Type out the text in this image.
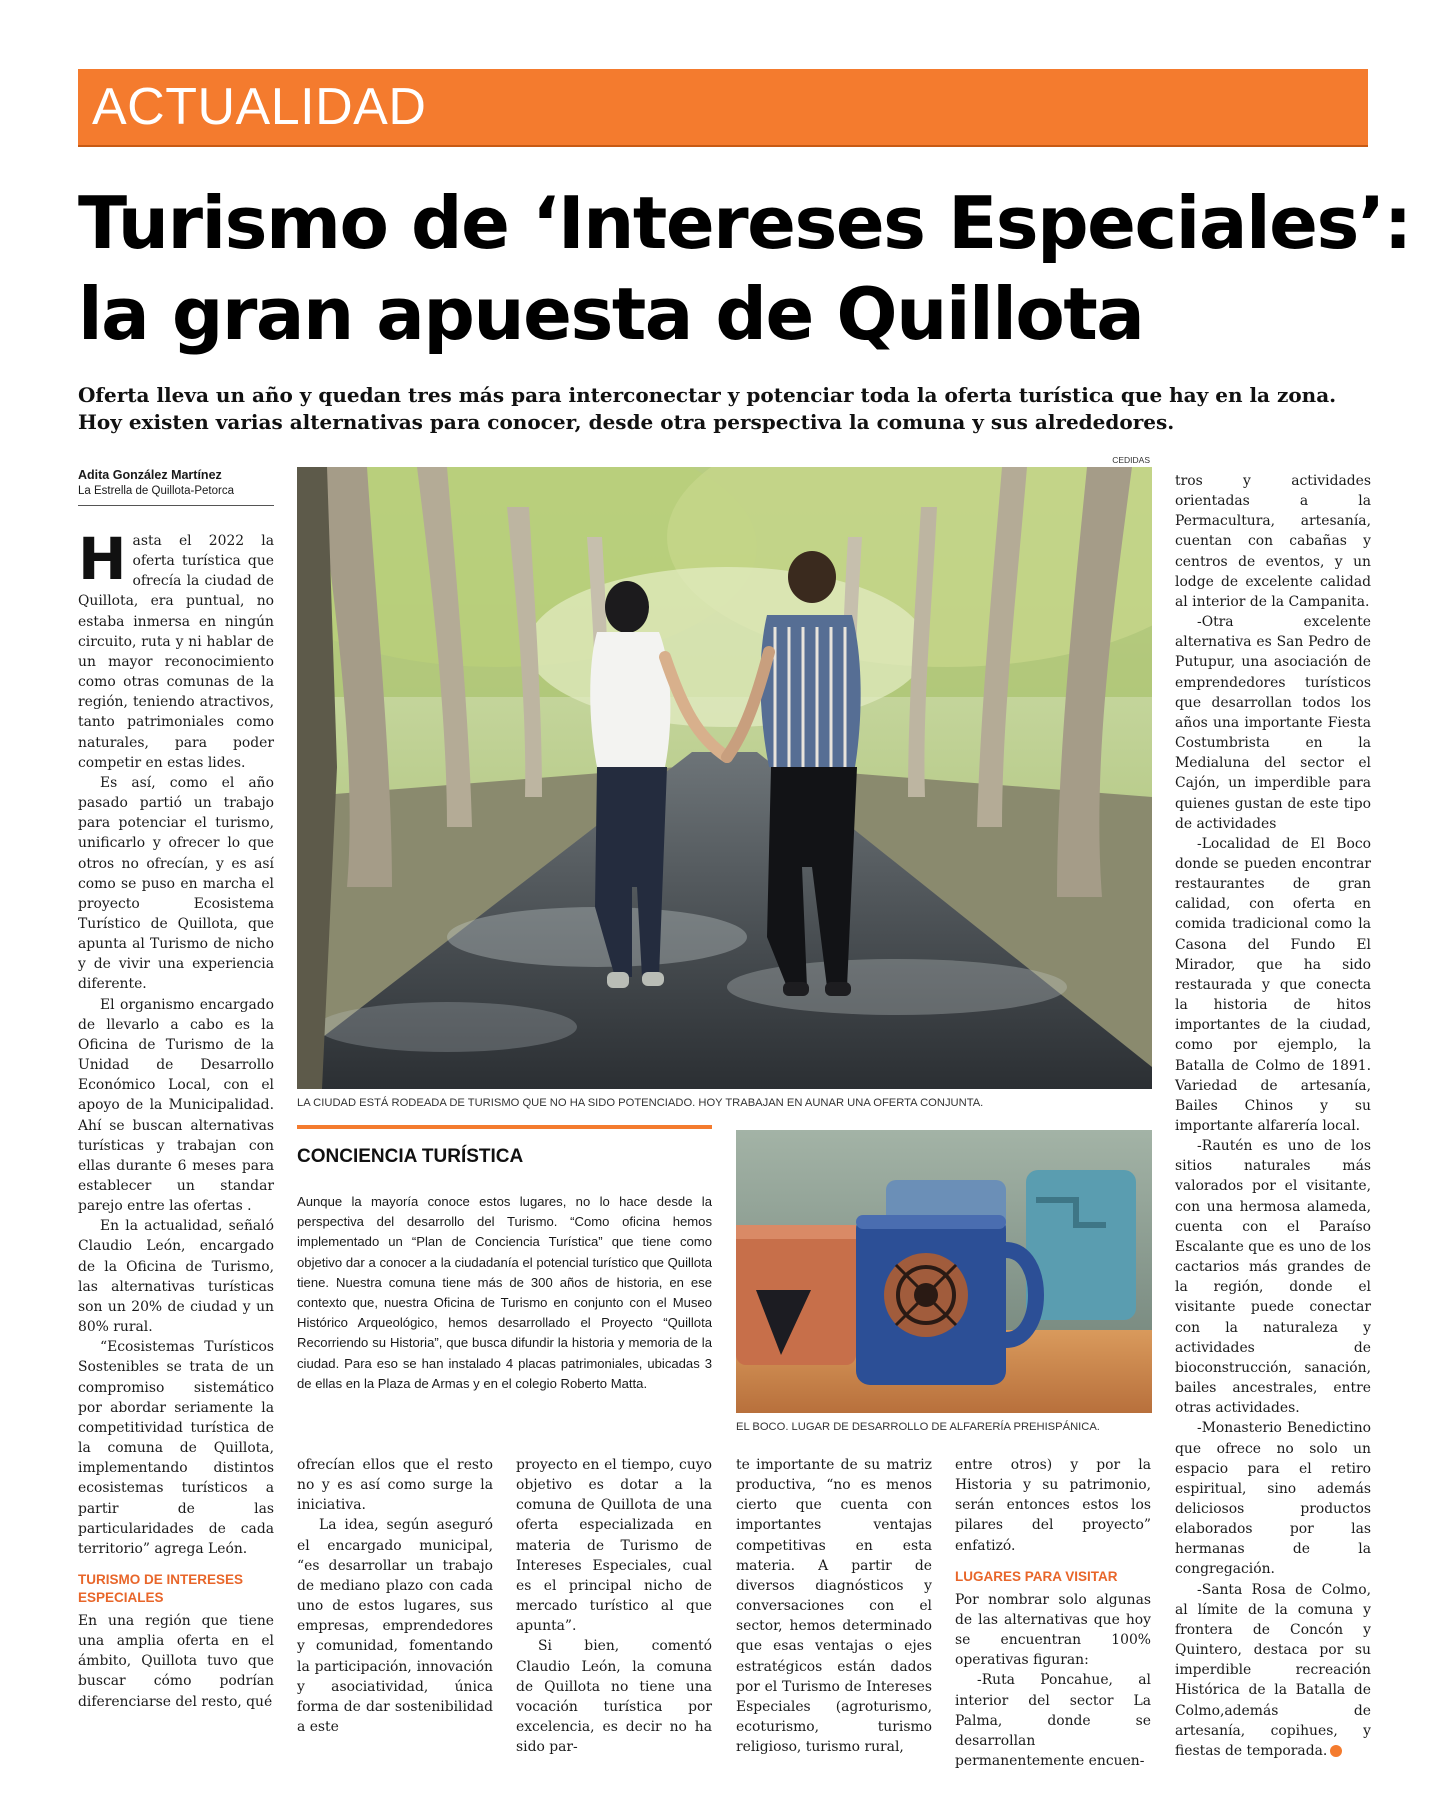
ACTUALIDAD
Turismo de ‘Intereses Especiales’:
la gran apuesta de Quillota
Oferta lleva un año y quedan tres más para interconectar y potenciar toda la oferta turística que hay en la zona.
Hoy existen varias alternativas para conocer, desde otra perspectiva la comuna y sus alrededores.
Adita González Martínez
La Estrella de Quillota-Petorca
CEDIDAS
LA CIUDAD ESTÁ RODEADA DE TURISMO QUE NO HA SIDO POTENCIADO. HOY TRABAJAN EN AUNAR UNA OFERTA CONJUNTA.
CONCIENCIA TURÍSTICA
Aunque la mayoría conoce estos lugares, no lo hace desde la perspectiva del desarrollo del Turismo. “Como oficina hemos implementado un “Plan de Conciencia Turística” que tiene como objetivo dar a conocer a la ciudadanía el potencial turístico que Quillota tiene. Nuestra comuna tiene más de 300 años de historia, en ese contexto que, nuestra Oficina de Turismo en conjunto con el Museo Histórico Arqueológico, hemos desarrollado el Proyecto “Quillota Recorriendo su Historia”, que busca difundir la historia y memoria de la ciudad. Para eso se han instalado 4 placas patrimoniales, ubicadas 3 de ellas en la Plaza de Armas y en el colegio Roberto Matta.
EL BOCO. LUGAR DE DESARROLLO DE ALFARERÍA PREHISPÁNICA.

Hasta el 2022 la oferta turística que ofrecía la ciudad de Quillota, era puntual, no estaba inmersa en ningún circuito, ruta y ni hablar de un mayor reconocimiento como otras comunas de la región, teniendo atractivos, tanto patrimoniales como naturales, para poder competir en estas lides.

Es así, como el año pasado partió un trabajo para potenciar el turismo, unificarlo y ofrecer lo que otros no ofrecían, y es así como se puso en marcha el proyecto Ecosistema Turístico de Quillota, que apunta al Turismo de nicho y de vivir una experiencia diferente.

El organismo encargado de llevarlo a cabo es la Oficina de Turismo de la Unidad de Desarrollo Económico Local, con el apoyo de la Municipalidad. Ahí se buscan alternativas turísticas y trabajan con ellas durante 6 meses para establecer un standar parejo entre las ofertas .

En la actualidad, señaló Claudio León, encargado de la Oficina de Turismo, las alternativas turísticas son un 20% de ciudad y un 80% rural.

“Ecosistemas Turísticos Sostenibles se trata de un compromiso sistemático por abordar seriamente la competitividad turística de la comuna de Quillota, implementando distintos ecosistemas turísticos a partir de las particularidades de cada territorio” agrega León.

TURISMO DE INTERESES ESPECIALES

En una región que tiene una amplia oferta en el ámbito, Quillota tuvo que buscar cómo podrían diferenciarse del resto, qué

ofrecían ellos que el resto no y es así como surge la iniciativa.

La idea, según aseguró el encargado municipal, “es desarrollar un trabajo de mediano plazo con cada uno de estos lugares, sus empresas, emprendedores y comunidad, fomentando la participación, innovación y asociatividad, única forma de dar sostenibilidad a este

proyecto en el tiempo, cuyo objetivo es dotar a la comuna de Quillota de una oferta especializada en materia de Turismo de Intereses Especiales, cual es el principal nicho de mercado turístico al que apunta”.

Si bien, comentó Claudio León, la comuna de Quillota no tiene una vocación turística por excelencia, es decir no ha sido par-

te importante de su matriz productiva, “no es menos cierto que cuenta con importantes ventajas competitivas en esta materia. A partir de diversos diagnósticos y conversaciones con el sector, hemos determinado que esas ventajas o ejes estratégicos están dados por el Turismo de Intereses Especiales (agroturismo, ecoturismo, turismo religioso, turismo rural,

entre otros) y por la Historia y su patrimonio, serán entonces estos los pilares del proyecto” enfatizó.

LUGARES PARA VISITAR

Por nombrar solo algunas de las alternativas que hoy se encuentran 100% operativas figuran:

-Ruta Poncahue, al interior del sector La Palma, donde se desarrollan permanentemente encuen-

tros y actividades orientadas a la Permacultura, artesanía, cuentan con cabañas y centros de eventos, y un lodge de excelente calidad al interior de la Campanita.

-Otra excelente alternativa es San Pedro de Putupur, una asociación de emprendedores turísticos que desarrollan todos los años una importante Fiesta Costumbrista en la Medialuna del sector el Cajón, un imperdible para quienes gustan de este tipo de actividades

-Localidad de El Boco donde se pueden encontrar restaurantes de gran calidad, con oferta en comida tradicional como la Casona del Fundo El Mirador, que ha sido restaurada y que conecta la historia de hitos importantes de la ciudad, como por ejemplo, la Batalla de Colmo de 1891. Variedad de artesanía, Bailes Chinos y su importante alfarería local.

-Rautén es uno de los sitios naturales más valorados por el visitante, con una hermosa alameda, cuenta con el Paraíso Escalante que es uno de los cactarios más grandes de la región, donde el visitante puede conectar con la naturaleza y actividades de bioconstrucción, sanación, bailes ancestrales, entre otras actividades.

-Monasterio Benedictino que ofrece no solo un espacio para el retiro espiritual, sino además deliciosos productos elaborados por las hermanas de la congregación.

-Santa Rosa de Colmo, al límite de la comuna y frontera de Concón y Quintero, destaca por su imperdible recreación Histórica de la Batalla de Colmo,además de artesanía, copihues, y fiestas de temporada.	✪
